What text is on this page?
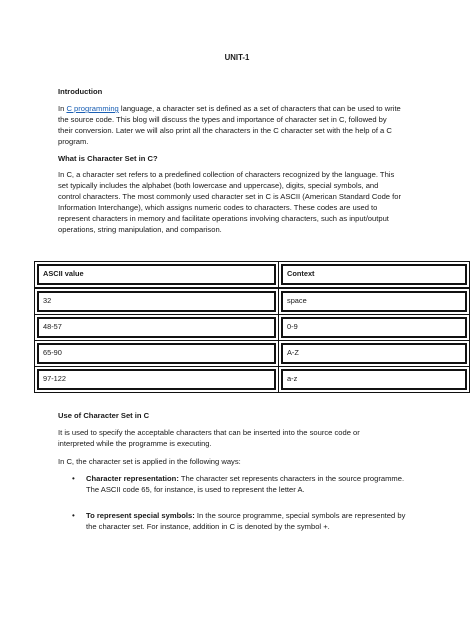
UNIT-1
Introduction
In C programming language, a character set is defined as a set of characters that can be used to write
the source code. This blog will discuss the types and importance of character set in C, followed by
their conversion. Later we will also print all the characters in the C character set with the help of a C
program.
What is Character Set in C?
In C, a character set refers to a predefined collection of characters recognized by the language. This
set typically includes the alphabet (both lowercase and uppercase), digits, special symbols, and
control characters. The most commonly used character set in C is ASCII (American Standard Code for
Information Interchange), which assigns numeric codes to characters. These codes are used to
represent characters in memory and facilitate operations involving characters, such as input/output
operations, string manipulation, and comparison.
ASCII value	Context
32	space
48-57	0-9
65-90	A-Z
97-122	a-z
Use of Character Set in C
It is used to specify the acceptable characters that can be inserted into the source code or
interpreted while the programme is executing.
In C, the character set is applied in the following ways:
• Character representation: The character set represents characters in the source programme.
The ASCII code 65, for instance, is used to represent the letter A.
• To represent special symbols: In the source programme, special symbols are represented by
the character set. For instance, addition in C is denoted by the symbol +.
